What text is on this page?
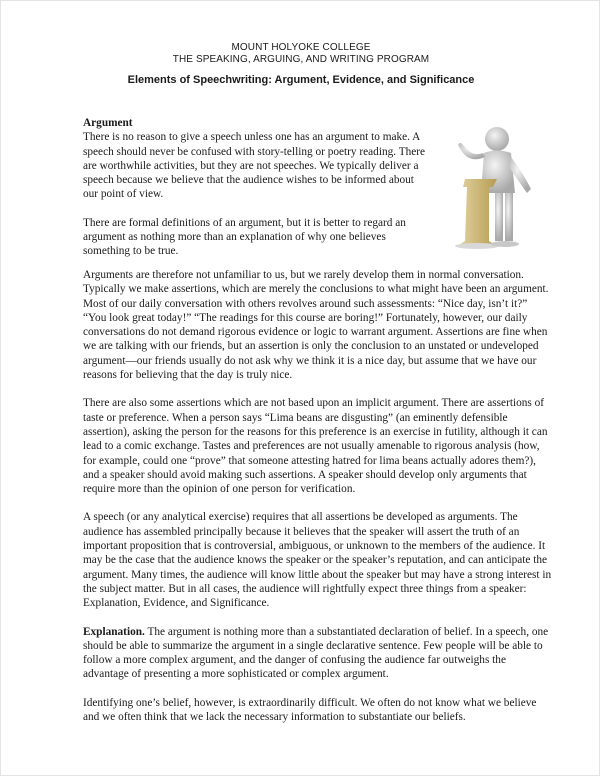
MOUNT HOLYOKE COLLEGE
THE SPEAKING, ARGUING, AND WRITING PROGRAM
Elements of Speechwriting: Argument, Evidence, and Significance
Argument

There is no reason to give a speech unless one has an argument to make. A speech should never be confused with story-telling or poetry reading. There are worthwhile activities, but they are not speeches. We typically deliver a speech because we believe that the audience wishes to be informed about our point of view.

There are formal definitions of an argument, but it is better to regard an argument as nothing more than an explanation of why one believes something to be true.

Arguments are therefore not unfamiliar to us, but we rarely develop them in normal conversation. Typically we make assertions, which are merely the conclusions to what might have been an argument. Most of our daily conversation with others revolves around such assessments: “Nice day, isn’t it?” “You look great today!” “The readings for this course are boring!” Fortunately, however, our daily conversations do not demand rigorous evidence or logic to warrant argument. Assertions are fine when we are talking with our friends, but an assertion is only the conclusion to an unstated or undeveloped argument—our friends usually do not ask why we think it is a nice day, but assume that we have our reasons for believing that the day is truly nice.

There are also some assertions which are not based upon an implicit argument. There are assertions of taste or preference. When a person says “Lima beans are disgusting” (an eminently defensible assertion), asking the person for the reasons for this preference is an exercise in futility, although it can lead to a comic exchange. Tastes and preferences are not usually amenable to rigorous analysis (how, for example, could one “prove” that someone attesting hatred for lima beans actually adores them?), and a speaker should avoid making such assertions. A speaker should develop only arguments that require more than the opinion of one person for verification.

A speech (or any analytical exercise) requires that all assertions be developed as arguments. The audience has assembled principally because it believes that the speaker will assert the truth of an important proposition that is controversial, ambiguous, or unknown to the members of the audience. It may be the case that the audience knows the speaker or the speaker’s reputation, and can anticipate the argument. Many times, the audience will know little about the speaker but may have a strong interest in the subject matter. But in all cases, the audience will rightfully expect three things from a speaker: Explanation, Evidence, and Significance.

Explanation. The argument is nothing more than a substantiated declaration of belief. In a speech, one should be able to summarize the argument in a single declarative sentence. Few people will be able to follow a more complex argument, and the danger of confusing the audience far outweighs the advantage of presenting a more sophisticated or complex argument.

Identifying one’s belief, however, is extraordinarily difficult. We often do not know what we believe and we often think that we lack the necessary information to substantiate our beliefs.
